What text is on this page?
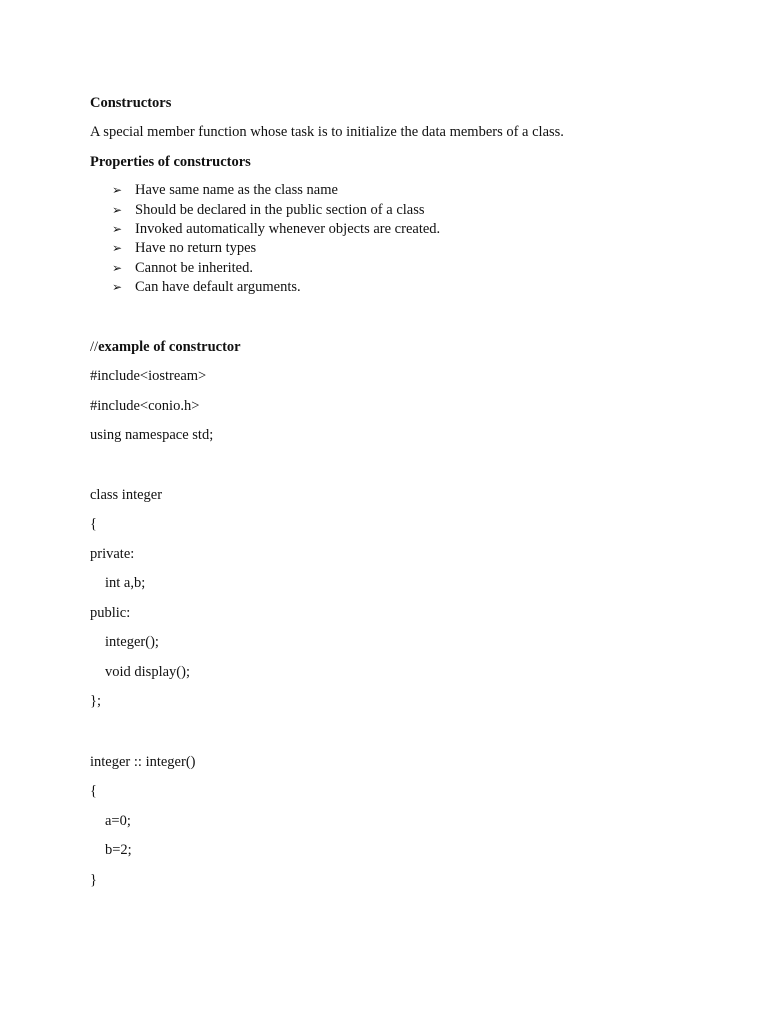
Constructors
A special member function whose task is to initialize the data members of a class.
Properties of constructors
➢ Have same name as the class name
➢ Should be declared in the public section of a class
➢ Invoked automatically whenever objects are created.
➢ Have no return types
➢ Cannot be inherited.
➢ Can have default arguments.
//example of constructor
#include<iostream>
#include<conio.h>
using namespace std;
class integer
{
private:
int a,b;
public:
integer();
void display();
};
integer :: integer()
{
a=0;
b=2;
}
